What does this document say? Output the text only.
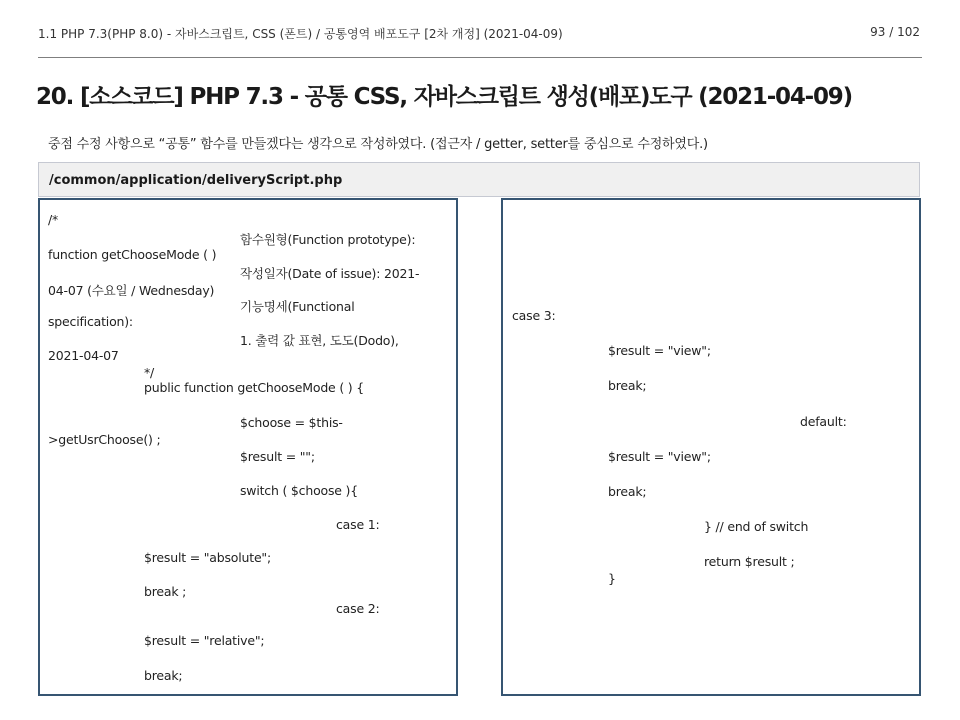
1.1 PHP 7.3(PHP 8.0) - 자바스크립트, CSS (폰트) / 공통영역 배포도구 [2차 개정] (2021-04-09)	93 / 102
20. [소스코드] PHP 7.3 - 공통 CSS, 자바스크립트 생성(배포)도구 (2021-04-09)
중점 수정 사항으로 “공통” 함수를 만들겠다는 생각으로 작성하였다. (접근자 / getter, setter를 중심으로 수정하였다.)
/common/application/deliveryScript.php
/*
함수원형(Function prototype):
function getChooseMode ( )
작성일자(Date of issue): 2021-
04-07 (수요일 / Wednesday)
기능명세(Functional
specification):
1. 출력 값 표현, 도도(Dodo),
2021-04-07
*/
public function getChooseMode ( ) {
$choose = $this-
>getUsrChoose() ;
$result = "";
switch ( $choose ){
case 1:
$result = "absolute";
break ;
case 2:
$result = "relative";
break;
case 3:
$result = "view";
break;
default:
$result = "view";
break;
} // end of switch
return $result ;
}
